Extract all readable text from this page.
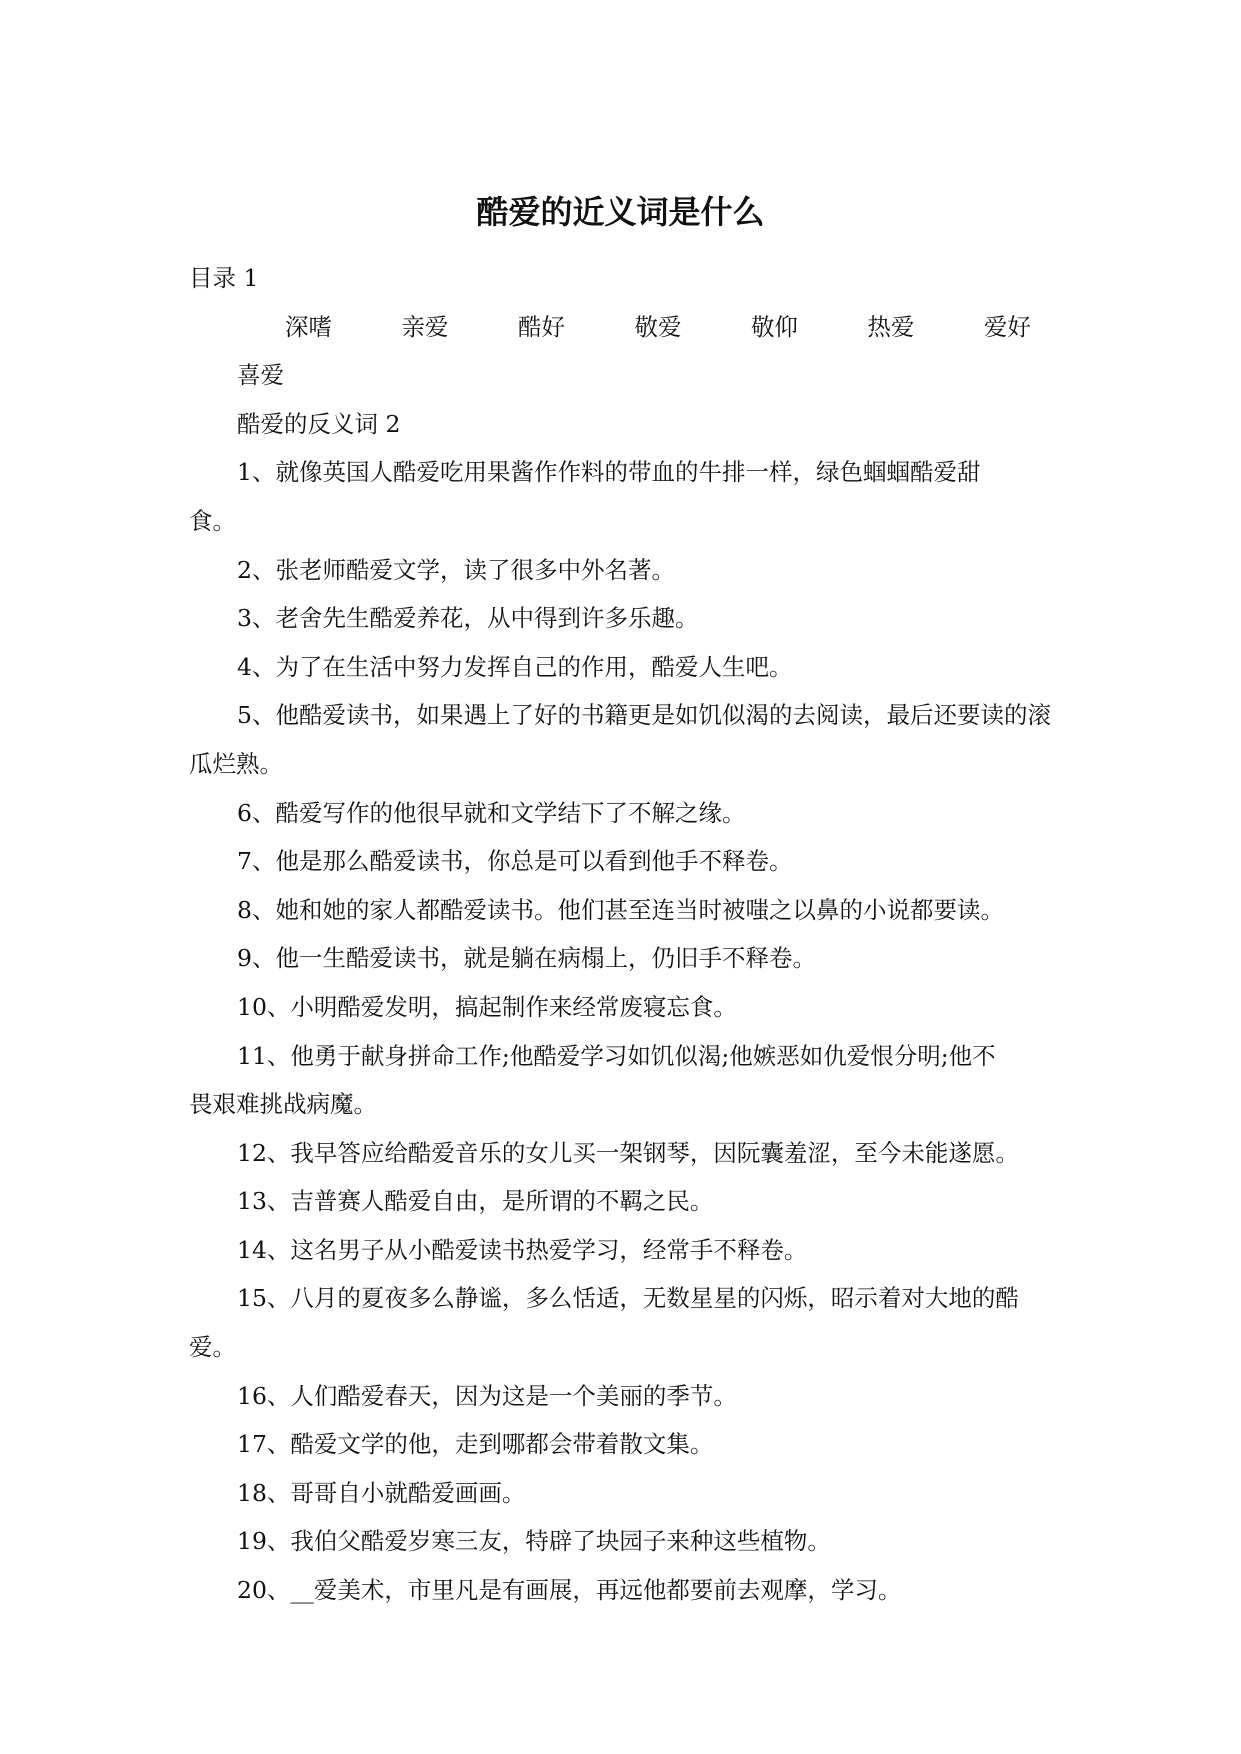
酷爱的近义词是什么

目录 1

深嗜	亲爱	酷好	敬爱	敬仰	热爱	爱好 喜爱

酷爱的反义词 2

1、就像英国人酷爱吃用果酱作作料的带血的牛排一样，绿色蝈蝈酷爱甜食。

2、张老师酷爱文学，读了很多中外名著。

3、老舍先生酷爱养花，从中得到许多乐趣。

4、为了在生活中努力发挥自己的作用，酷爱人生吧。

5、他酷爱读书，如果遇上了好的书籍更是如饥似渴的去阅读，最后还要读的滚瓜烂熟。

6、酷爱写作的他很早就和文学结下了不解之缘。

7、他是那么酷爱读书，你总是可以看到他手不释卷。

8、她和她的家人都酷爱读书。他们甚至连当时被嗤之以鼻的小说都要读。

9、他一生酷爱读书，就是躺在病榻上，仍旧手不释卷。

10、小明酷爱发明，搞起制作来经常废寝忘食。

11、他勇于献身拼命工作;他酷爱学习如饥似渴;他嫉恶如仇爱恨分明;他不畏艰难挑战病魔。

12、我早答应给酷爱音乐的女儿买一架钢琴，因阮囊羞涩，至今未能遂愿。

13、吉普赛人酷爱自由，是所谓的不羁之民。

14、这名男子从小酷爱读书热爱学习，经常手不释卷。

15、八月的夏夜多么静谧，多么恬适，无数星星的闪烁，昭示着对大地的酷爱。

16、人们酷爱春天，因为这是一个美丽的季节。

17、酷爱文学的他，走到哪都会带着散文集。

18、哥哥自小就酷爱画画。

19、我伯父酷爱岁寒三友，特辟了块园子来种这些植物。

20、__爱美术，市里凡是有画展，再远他都要前去观摩，学习。
